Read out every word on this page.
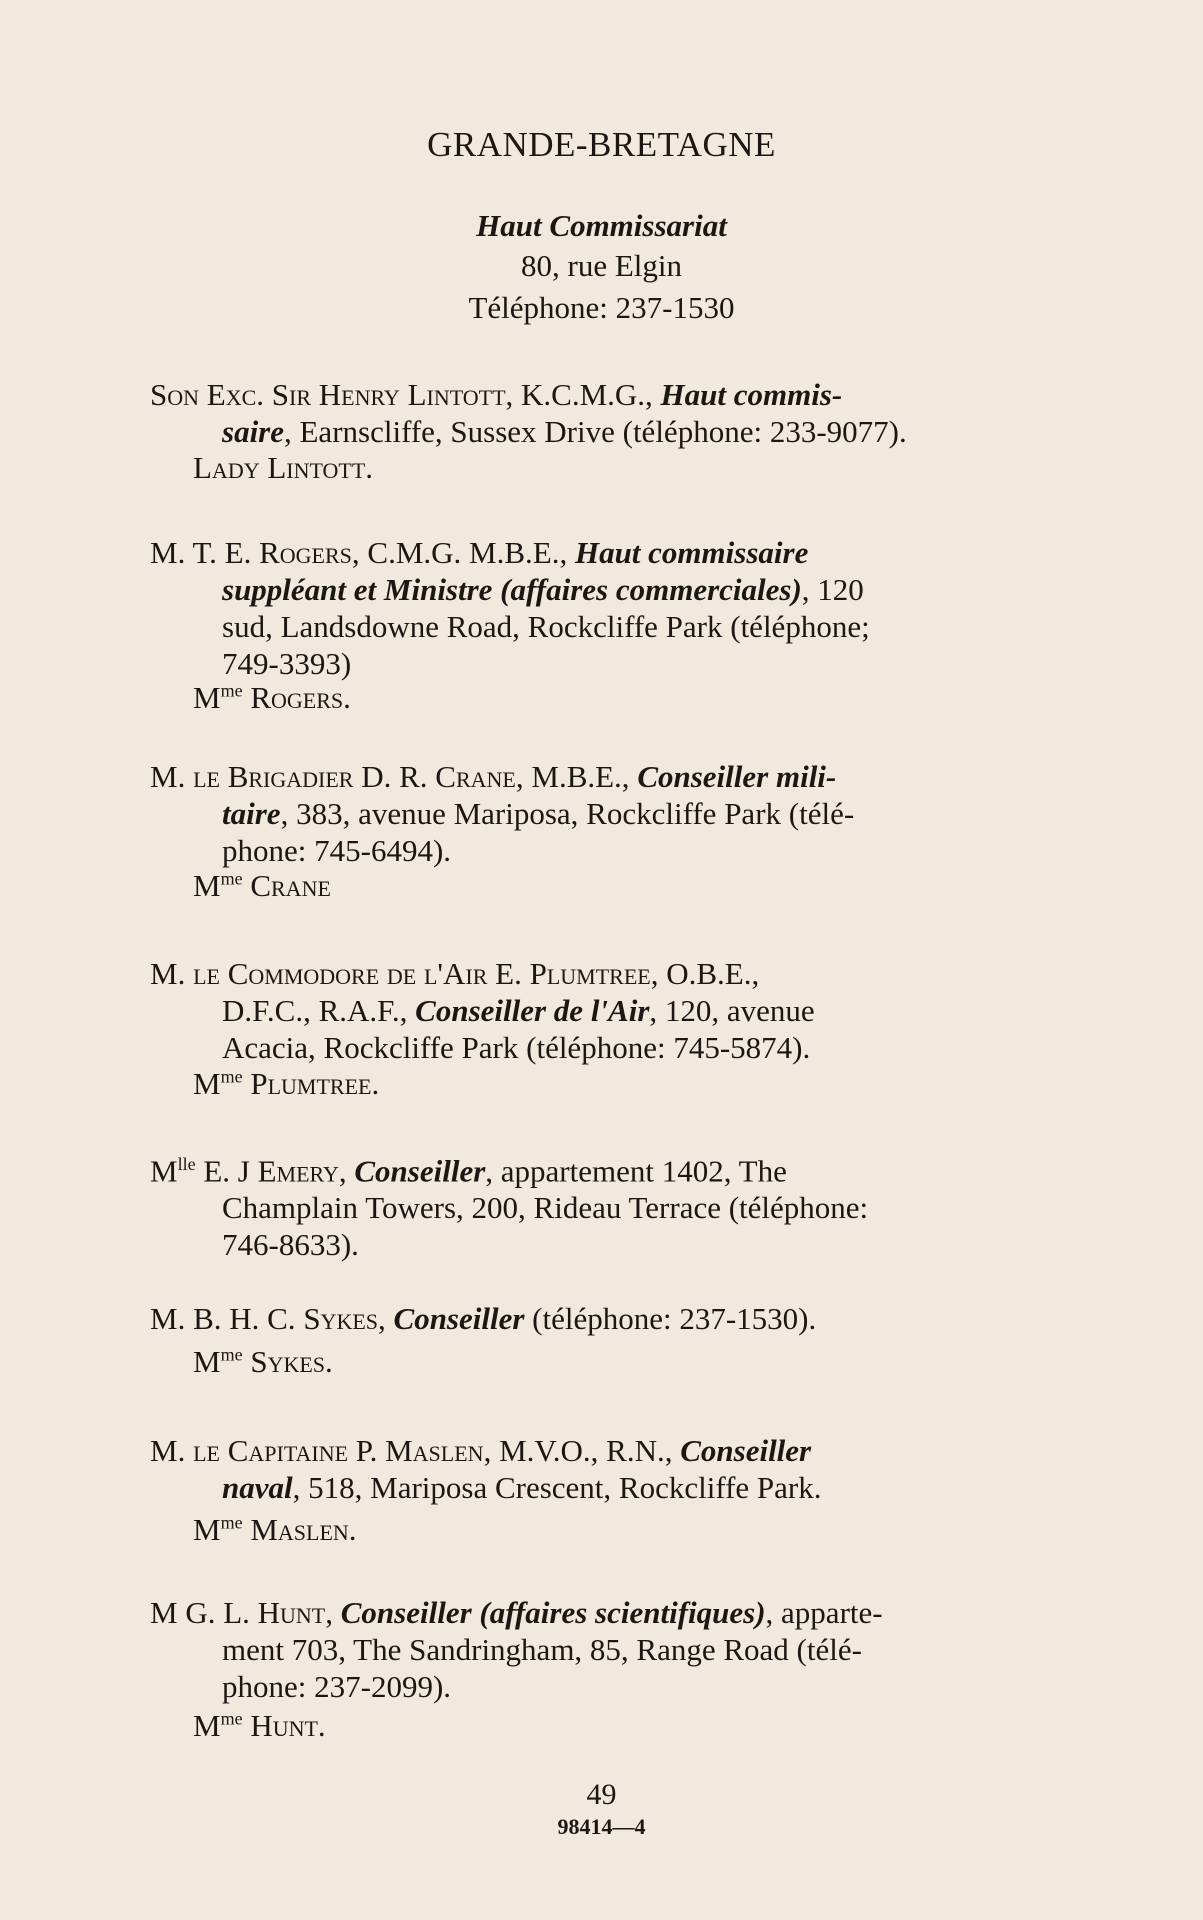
GRANDE-BRETAGNE
Haut Commissariat
80, rue Elgin
Téléphone: 237-1530
Son Exc. Sir Henry Lintott, K.C.M.G., Haut commis-
saire, Earnscliffe, Sussex Drive (téléphone: 233-9077).
Lady Lintott.
M. T. E. Rogers, C.M.G. M.B.E., Haut commissaire
suppléant et Ministre (affaires commerciales), 120
sud, Landsdowne Road, Rockcliffe Park (téléphone;
749-3393)
$M^{me}$ Rogers.
M. le Brigadier D. R. Crane, M.B.E., Conseiller mili-
taire, 383, avenue Mariposa, Rockcliffe Park (télé-
phone: 745-6494).
$M^{me}$ Crane
M. le Commodore de l'Air E. Plumtree, O.B.E.,
D.F.C., R.A.F., Conseiller de l'Air, 120, avenue
Acacia, Rockcliffe Park (téléphone: 745-5874).
$M^{me}$ Plumtree.
$M^{lle}$ E. J Emery, Conseiller, appartement 1402, The
Champlain Towers, 200, Rideau Terrace (téléphone:
746-8633).
M. B. H. C. Sykes, Conseiller (téléphone: 237-1530).
$M^{me}$ Sykes.
M. le Capitaine P. Maslen, M.V.O., R.N., Conseiller
naval, 518, Mariposa Crescent, Rockcliffe Park.
$M^{me}$ Maslen.
M G. L. Hunt, Conseiller (affaires scientifiques), apparte-
ment 703, The Sandringham, 85, Range Road (télé-
phone: 237-2099).
$M^{me}$ Hunt.
49
98414—4
